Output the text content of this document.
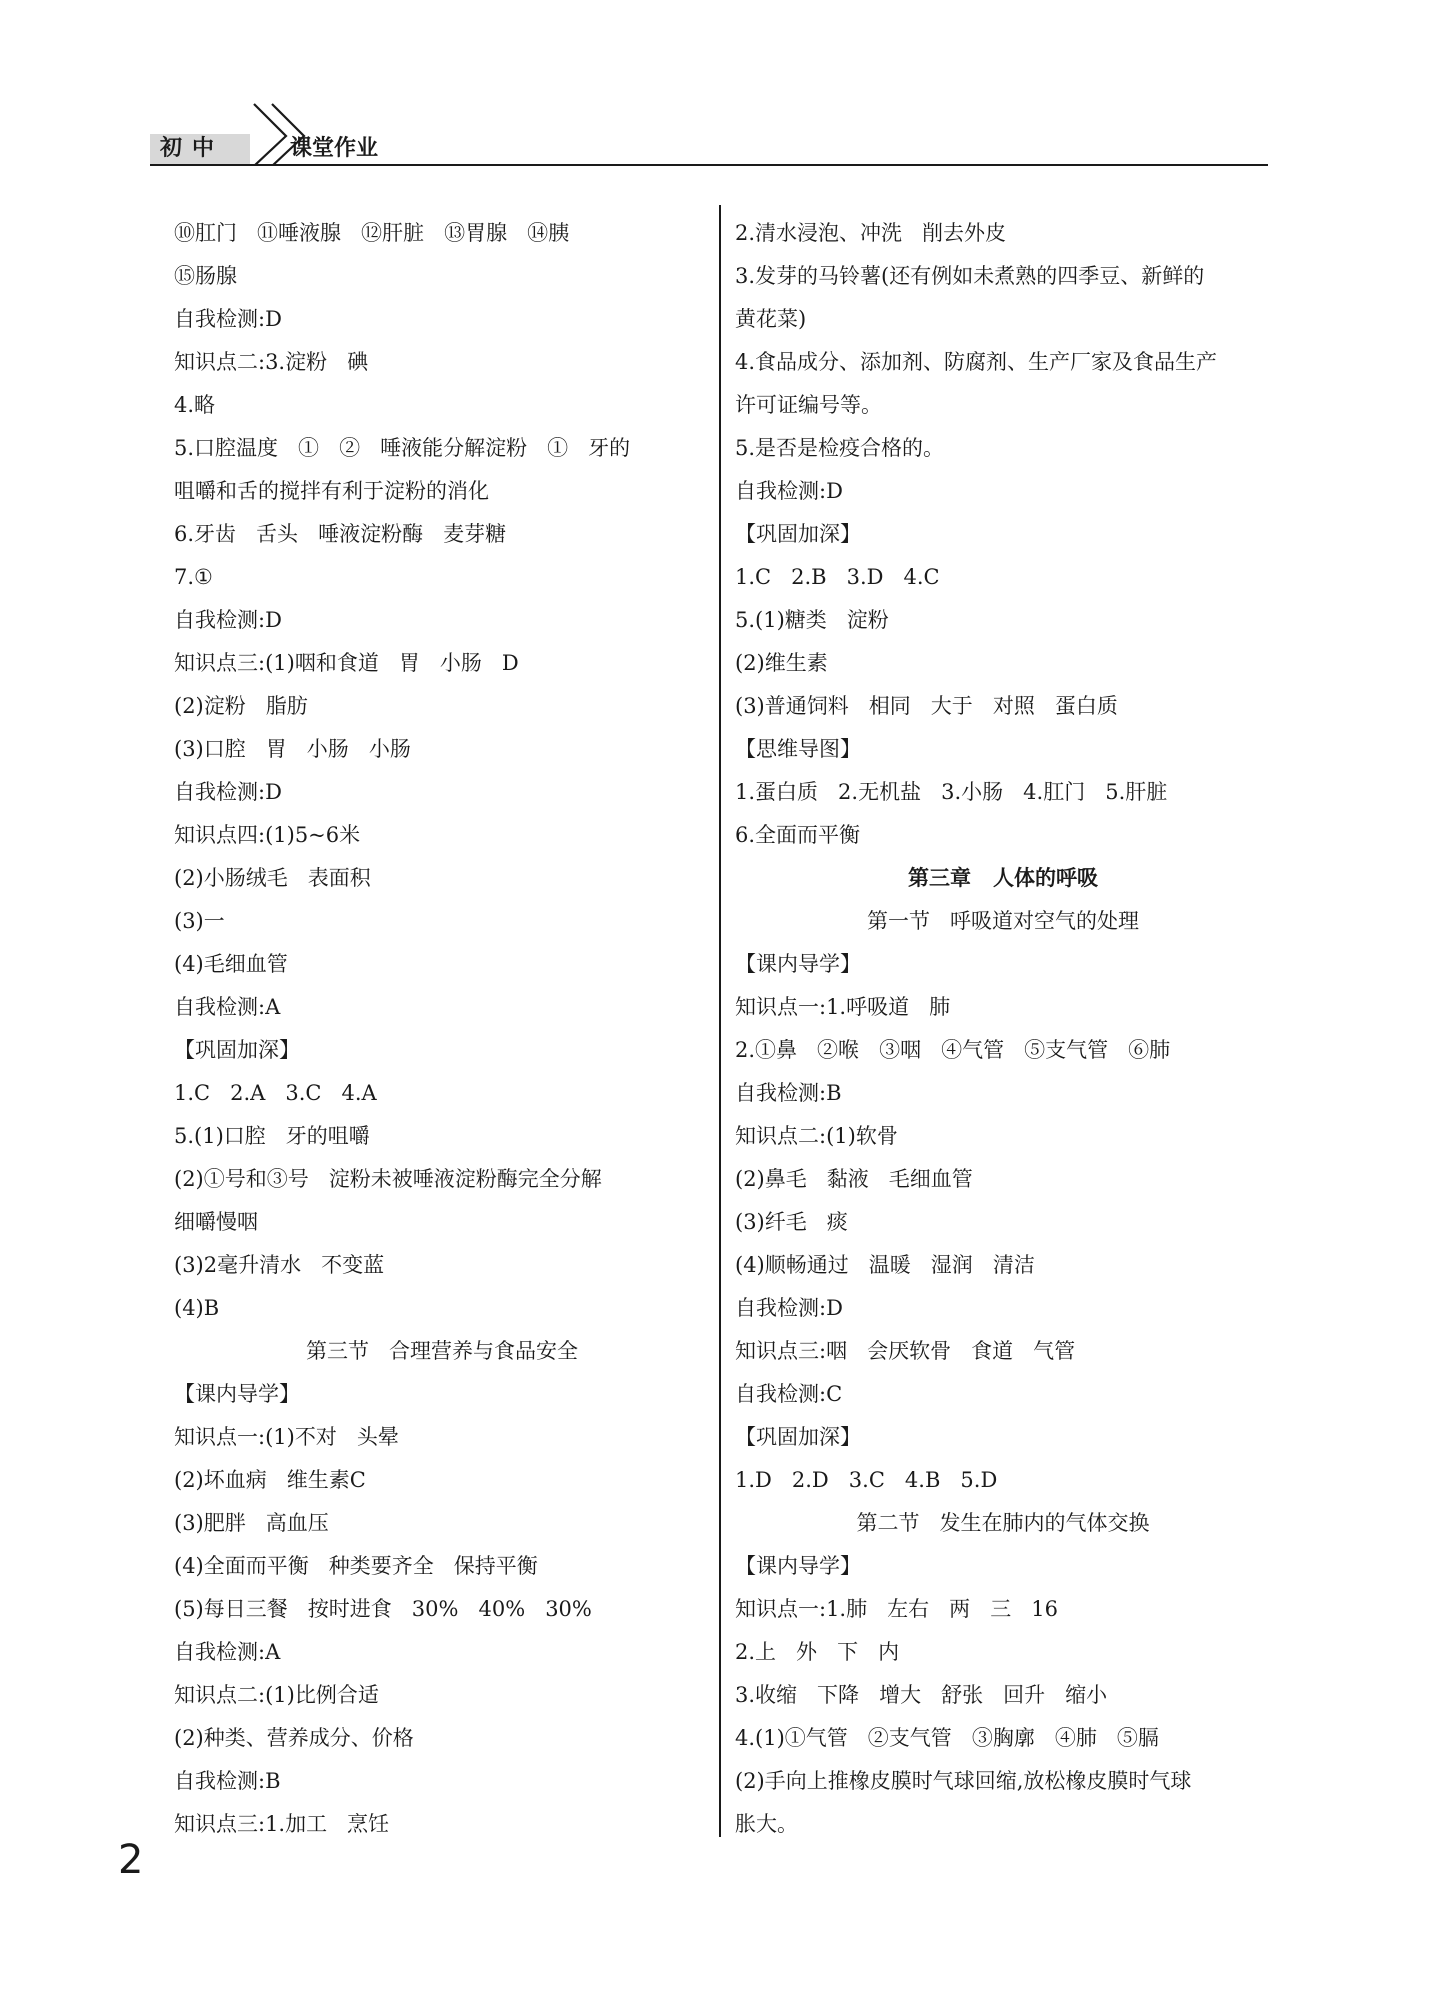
初中	课堂作业
⑩肛门   ⑪唾液腺   ⑫肝脏   ⑬胃腺   ⑭胰
⑮肠腺
自我检测:D
知识点二:3.淀粉   碘
4.略
5.口腔温度   ①   ②   唾液能分解淀粉   ①   牙的
咀嚼和舌的搅拌有利于淀粉的消化
6.牙齿   舌头   唾液淀粉酶   麦芽糖
7.①
自我检测:D
知识点三:(1)咽和食道   胃   小肠   D
(2)淀粉   脂肪
(3)口腔   胃   小肠   小肠
自我检测:D
知识点四:(1)5~6米
(2)小肠绒毛   表面积
(3)一
(4)毛细血管
自我检测:A
【巩固加深】
1.C   2.A   3.C   4.A
5.(1)口腔   牙的咀嚼
(2)①号和③号   淀粉未被唾液淀粉酶完全分解
细嚼慢咽
(3)2毫升清水   不变蓝
(4)B
第三节   合理营养与食品安全
【课内导学】
知识点一:(1)不对   头晕
(2)坏血病   维生素C
(3)肥胖   高血压
(4)全面而平衡   种类要齐全   保持平衡
(5)每日三餐   按时进食   30%   40%   30%
自我检测:A
知识点二:(1)比例合适
(2)种类、营养成分、价格
自我检测:B
知识点三:1.加工   烹饪
2.清水浸泡、冲洗   削去外皮
3.发芽的马铃薯(还有例如未煮熟的四季豆、新鲜的
黄花菜)
4.食品成分、添加剂、防腐剂、生产厂家及食品生产
许可证编号等。
5.是否是检疫合格的。
自我检测:D
【巩固加深】
1.C   2.B   3.D   4.C
5.(1)糖类   淀粉
(2)维生素
(3)普通饲料   相同   大于   对照   蛋白质
【思维导图】
1.蛋白质   2.无机盐   3.小肠   4.肛门   5.肝脏
6.全面而平衡
第三章   人体的呼吸
第一节   呼吸道对空气的处理
【课内导学】
知识点一:1.呼吸道   肺
2.①鼻   ②喉   ③咽   ④气管   ⑤支气管   ⑥肺
自我检测:B
知识点二:(1)软骨
(2)鼻毛   黏液   毛细血管
(3)纤毛   痰
(4)顺畅通过   温暖   湿润   清洁
自我检测:D
知识点三:咽   会厌软骨   食道   气管
自我检测:C
【巩固加深】
1.D   2.D   3.C   4.B   5.D
第二节   发生在肺内的气体交换
【课内导学】
知识点一:1.肺   左右   两   三   16
2.上   外   下   内
3.收缩   下降   增大   舒张   回升   缩小
4.(1)①气管   ②支气管   ③胸廓   ④肺   ⑤膈
(2)手向上推橡皮膜时气球回缩,放松橡皮膜时气球
胀大。
2
